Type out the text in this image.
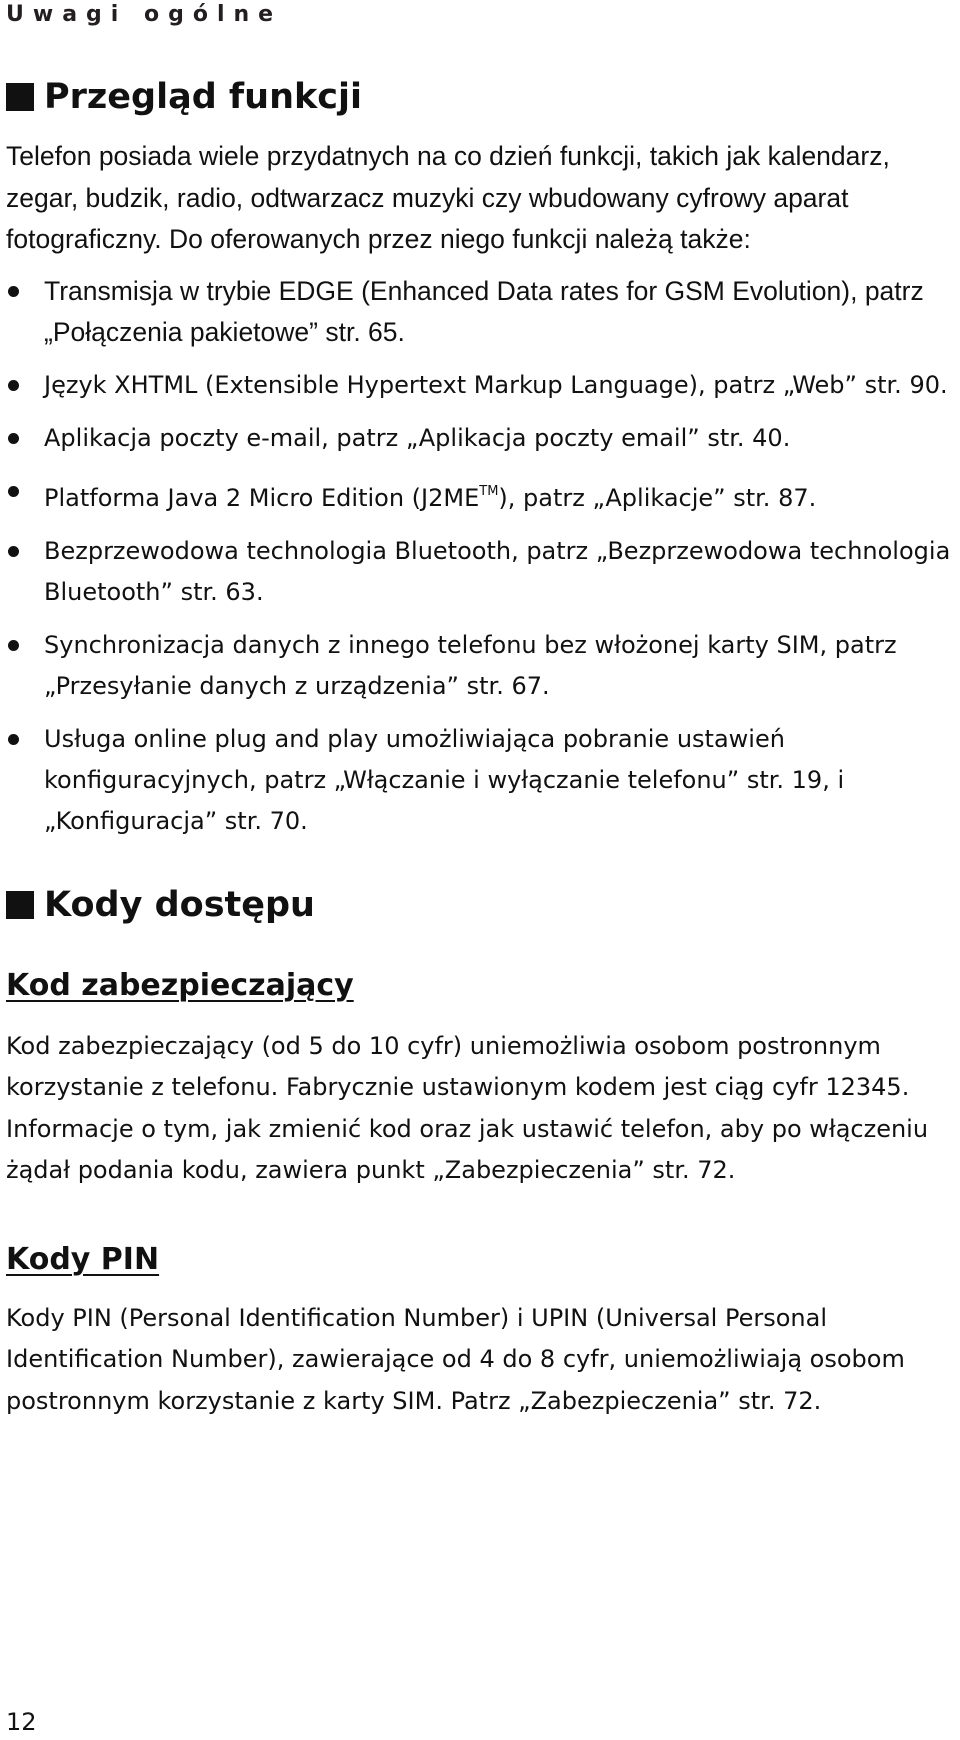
Uwagi ogólne
Przegląd funkcji

Telefon posiada wiele przydatnych na co dzień funkcji, takich jak kalendarz, zegar, budzik, radio, odtwarzacz muzyki czy wbudowany cyfrowy aparat fotograficzny. Do oferowanych przez niego funkcji należą także:

Transmisja w trybie EDGE (Enhanced Data rates for GSM Evolution), patrz „Połączenia pakietowe” str. 65.
Język XHTML (Extensible Hypertext Markup Language), patrz „Web” str. 90.
Aplikacja poczty e-mail, patrz „Aplikacja poczty email” str. 40.
Platforma Java 2 Micro Edition (J2ME™), patrz „Aplikacje” str. 87.
Bezprzewodowa technologia Bluetooth, patrz „Bezprzewodowa technologia Bluetooth” str. 63.
Synchronizacja danych z innego telefonu bez włożonej karty SIM, patrz „Przesyłanie danych z urządzenia” str. 67.
Usługa online plug and play umożliwiająca pobranie ustawień konfiguracyjnych, patrz „Włączanie i wyłączanie telefonu” str. 19, i „Konfiguracja” str. 70.
Kody dostępu
Kod zabezpieczający

Kod zabezpieczający (od 5 do 10 cyfr) uniemożliwia osobom postronnym korzystanie z telefonu. Fabrycznie ustawionym kodem jest ciąg cyfr 12345. Informacje o tym, jak zmienić kod oraz jak ustawić telefon, aby po włączeniu żądał podania kodu, zawiera punkt „Zabezpieczenia” str. 72.

Kody PIN

Kody PIN (Personal Identification Number) i UPIN (Universal Personal Identification Number), zawierające od 4 do 8 cyfr, uniemożliwiają osobom postronnym korzystanie z karty SIM. Patrz „Zabezpieczenia” str. 72.

12
